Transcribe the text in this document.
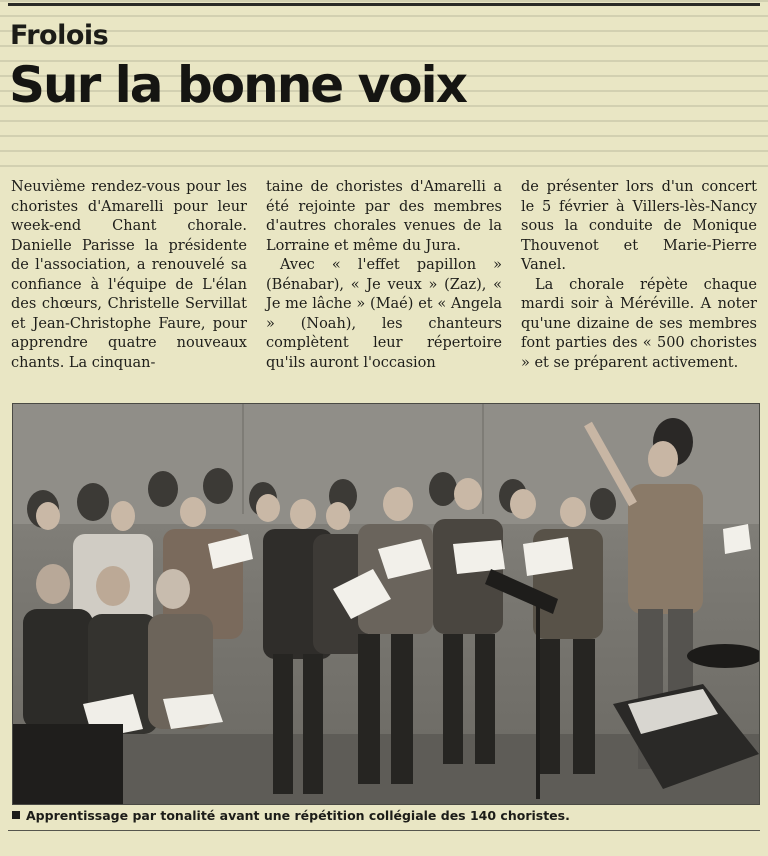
Frolois
Sur la bonne voix

Neuvième rendez-vous pour les choristes d'Amarelli pour leur week-end Chant chorale. Danielle Parisse la présidente de l'association, a renouvelé sa confiance à l'équipe de L'élan des chœurs, Christelle Servillat et Jean-Christophe Faure, pour apprendre quatre nouveaux chants. La cinquan-

taine de choristes d'Amarelli a été rejointe par des membres d'autres chorales venues de la Lorraine et même du Jura.

Avec « l'effet papillon » (Bénabar), « Je veux » (Zaz), « Je me lâche » (Maé) et « Angela » (Noah), les chanteurs complètent leur répertoire qu'ils auront l'occasion

de présenter lors d'un concert le 5 février à Villers-lès-Nancy sous la conduite de Monique Thouvenot et Marie-Pierre Vanel.

La chorale répète chaque mardi soir à Méréville. A noter qu'une dizaine de ses membres font parties des « 500 choristes » et se préparent activement.

Apprentissage par tonalité avant une répétition collégiale des 140 choristes.
